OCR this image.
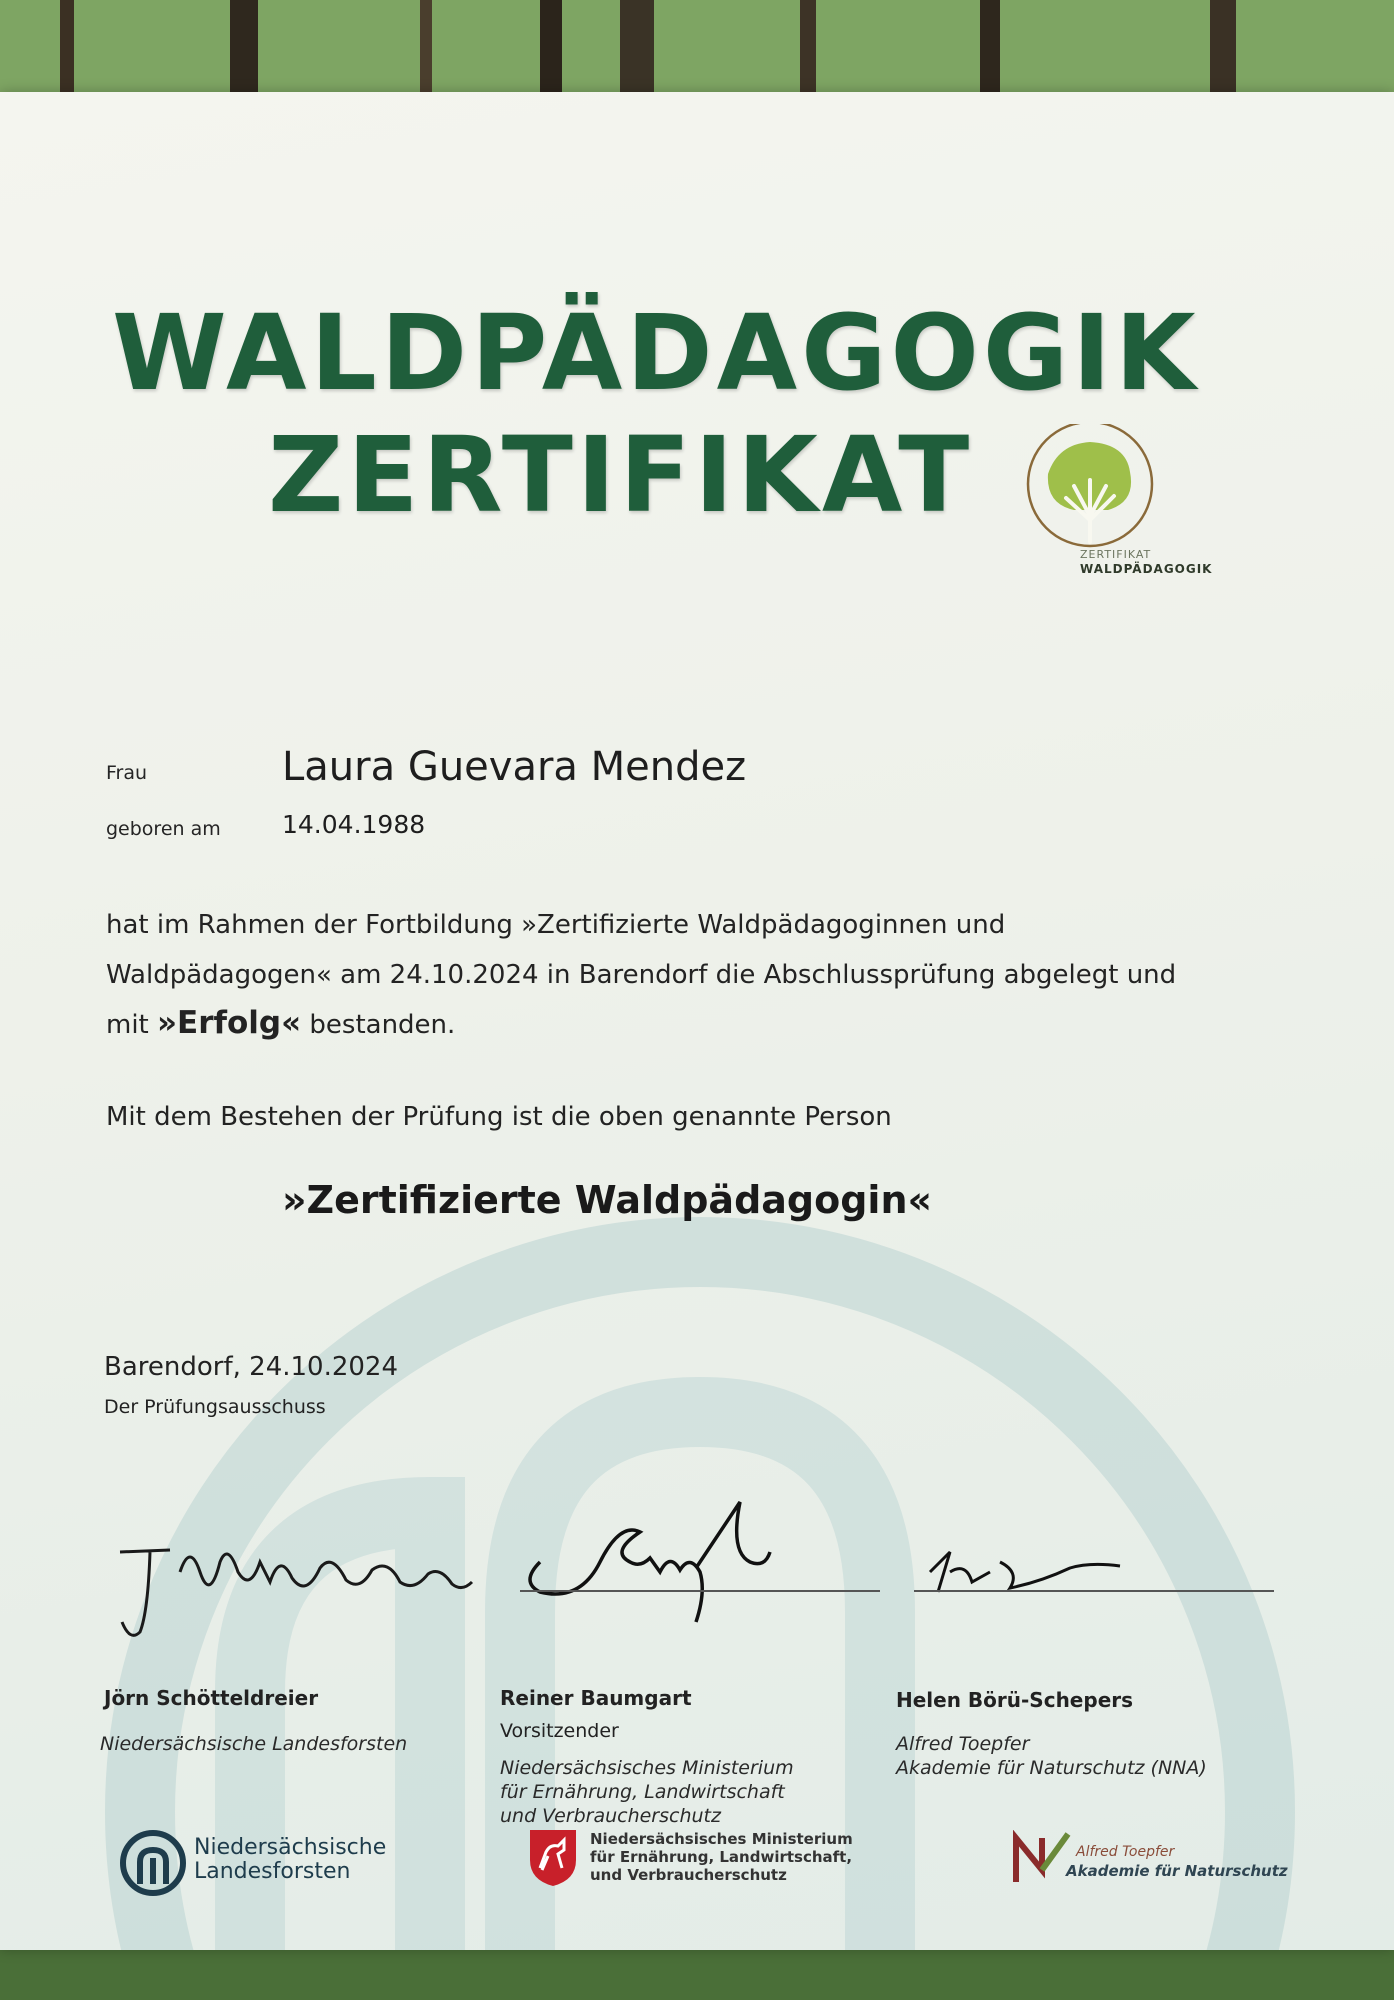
WALDPÄDAGOGIK
ZERTIFIKAT
ZERTIFIKAT
WALDPÄDAGOGIK
Frau	Laura Guevara Mendez
geboren am 14.04.1988
hat im Rahmen der Fortbildung »Zertifizierte Waldpädagoginnen und
Waldpädagogen« am 24.10.2024 in Barendorf die Abschlussprüfung abgelegt und
mit »Erfolg« bestanden.
Mit dem Bestehen der Prüfung ist die oben genannte Person
»Zertifizierte Waldpädagogin«
Barendorf, 24.10.2024
Der Prüfungsausschuss
Jörn Schötteldreier
Niedersächsische Landesforsten
Reiner Baumgart
Vorsitzender
Niedersächsisches Ministerium
für Ernährung, Landwirtschaft
und Verbraucherschutz
Helen Börü-Schepers
Alfred Toepfer
Akademie für Naturschutz (NNA)
Niedersächsische
Landesforsten
Niedersächsisches Ministerium
für Ernährung, Landwirtschaft,
und Verbraucherschutz
Alfred Toepfer
Akademie für Naturschutz
